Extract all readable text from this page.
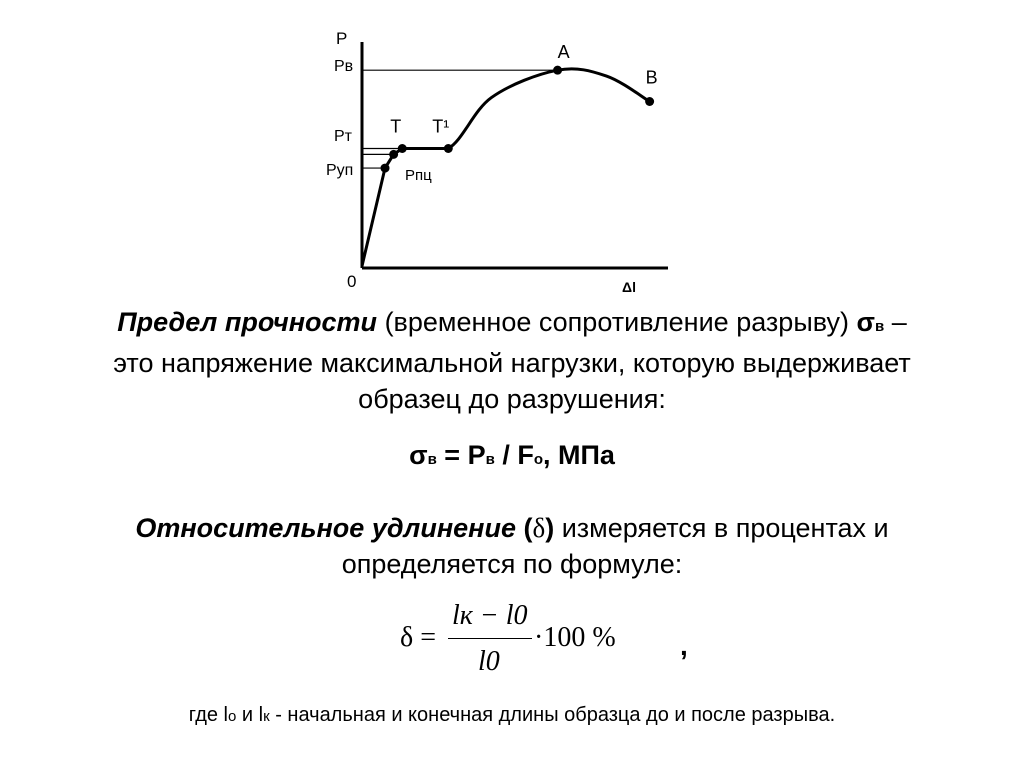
P
Δl
0
Pв
Pт
Pуп	Pпц
T T¹
A
B
Предел прочности (временное сопротивление разрыву) σв –
это напряжение максимальной нагрузки, которую выдерживает
образец до разрушения:
σв = Pв / Fо, МПа
Относительное удлинение (δ) измеряется в процентах и
определяется по формуле:
δ =
lк − l0
l0
·100 % ,
где lо и lк - начальная и конечная длины образца до и после разрыва.
